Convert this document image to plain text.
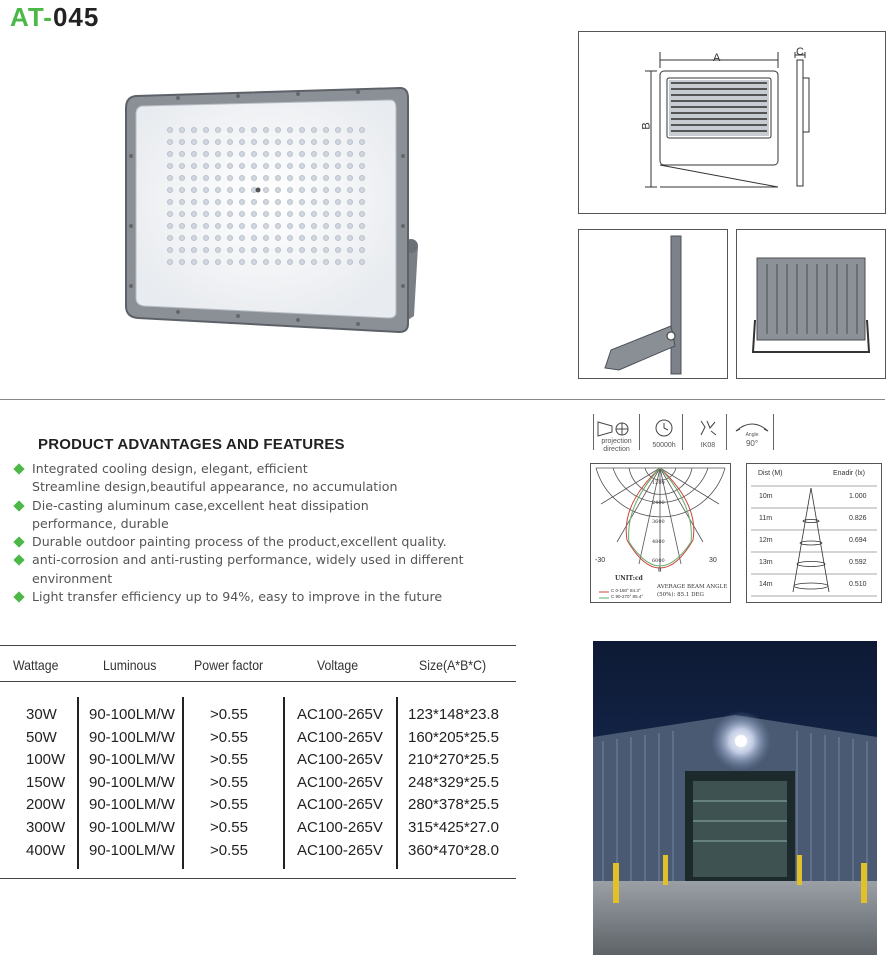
AT-045
A
B
C
PRODUCT ADVANTAGES AND FEATURES
Integrated cooling design, elegant, efficient
Streamline design,beautiful appearance, no accumulation
Die-casting aluminum case,excellent heat dissipation
performance, durable
Durable outdoor painting process of the product,excellent quality.
anti-corrosion and anti-rusting performance, widely used in different
environment
Light transfer efficiency up to 94%, easy to improve in the future
projection direction
50000h	IK08
Angle
90°
1200
2400
3600
4800
6000
-30	30
0
UNIT:cd
C 0-180° 84.3°
C 90-270° 85.4°
AVERAGE BEAM ANGLE
(50%): 85.1 DEG
Dist (M)	Enadir (lx)
10m	1.000
11m	0.826
12m	0.694
13m	0.592
14m	0.510
Wattage	Luminous	Power factor	Voltage	Size(A*B*C)
30W 90-100LM/W >0.55	AC100-265V 123*148*23.8
50W 90-100LM/W >0.55	AC100-265V 160*205*25.5
100W 90-100LM/W >0.55	AC100-265V 210*270*25.5
150W 90-100LM/W >0.55	AC100-265V 248*329*25.5
200W 90-100LM/W >0.55	AC100-265V 280*378*25.5
300W 90-100LM/W >0.55	AC100-265V 315*425*27.0
400W 90-100LM/W >0.55	AC100-265V 360*470*28.0
